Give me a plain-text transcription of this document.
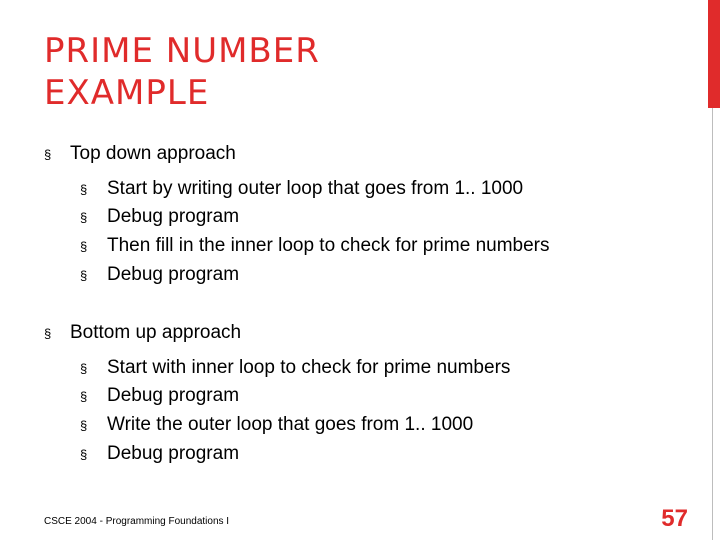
PRIME NUMBER
EXAMPLE
§ Top down approach
§	Start by writing outer loop that goes from 1.. 1000
§	Debug program
§	Then fill in the inner loop to check for prime numbers
§	Debug program
§ Bottom up approach
§	Start with inner loop to check for prime numbers
§	Debug program
§	Write the outer loop that goes from 1.. 1000
§	Debug program
CSCE 2004 - Programming Foundations I	57
